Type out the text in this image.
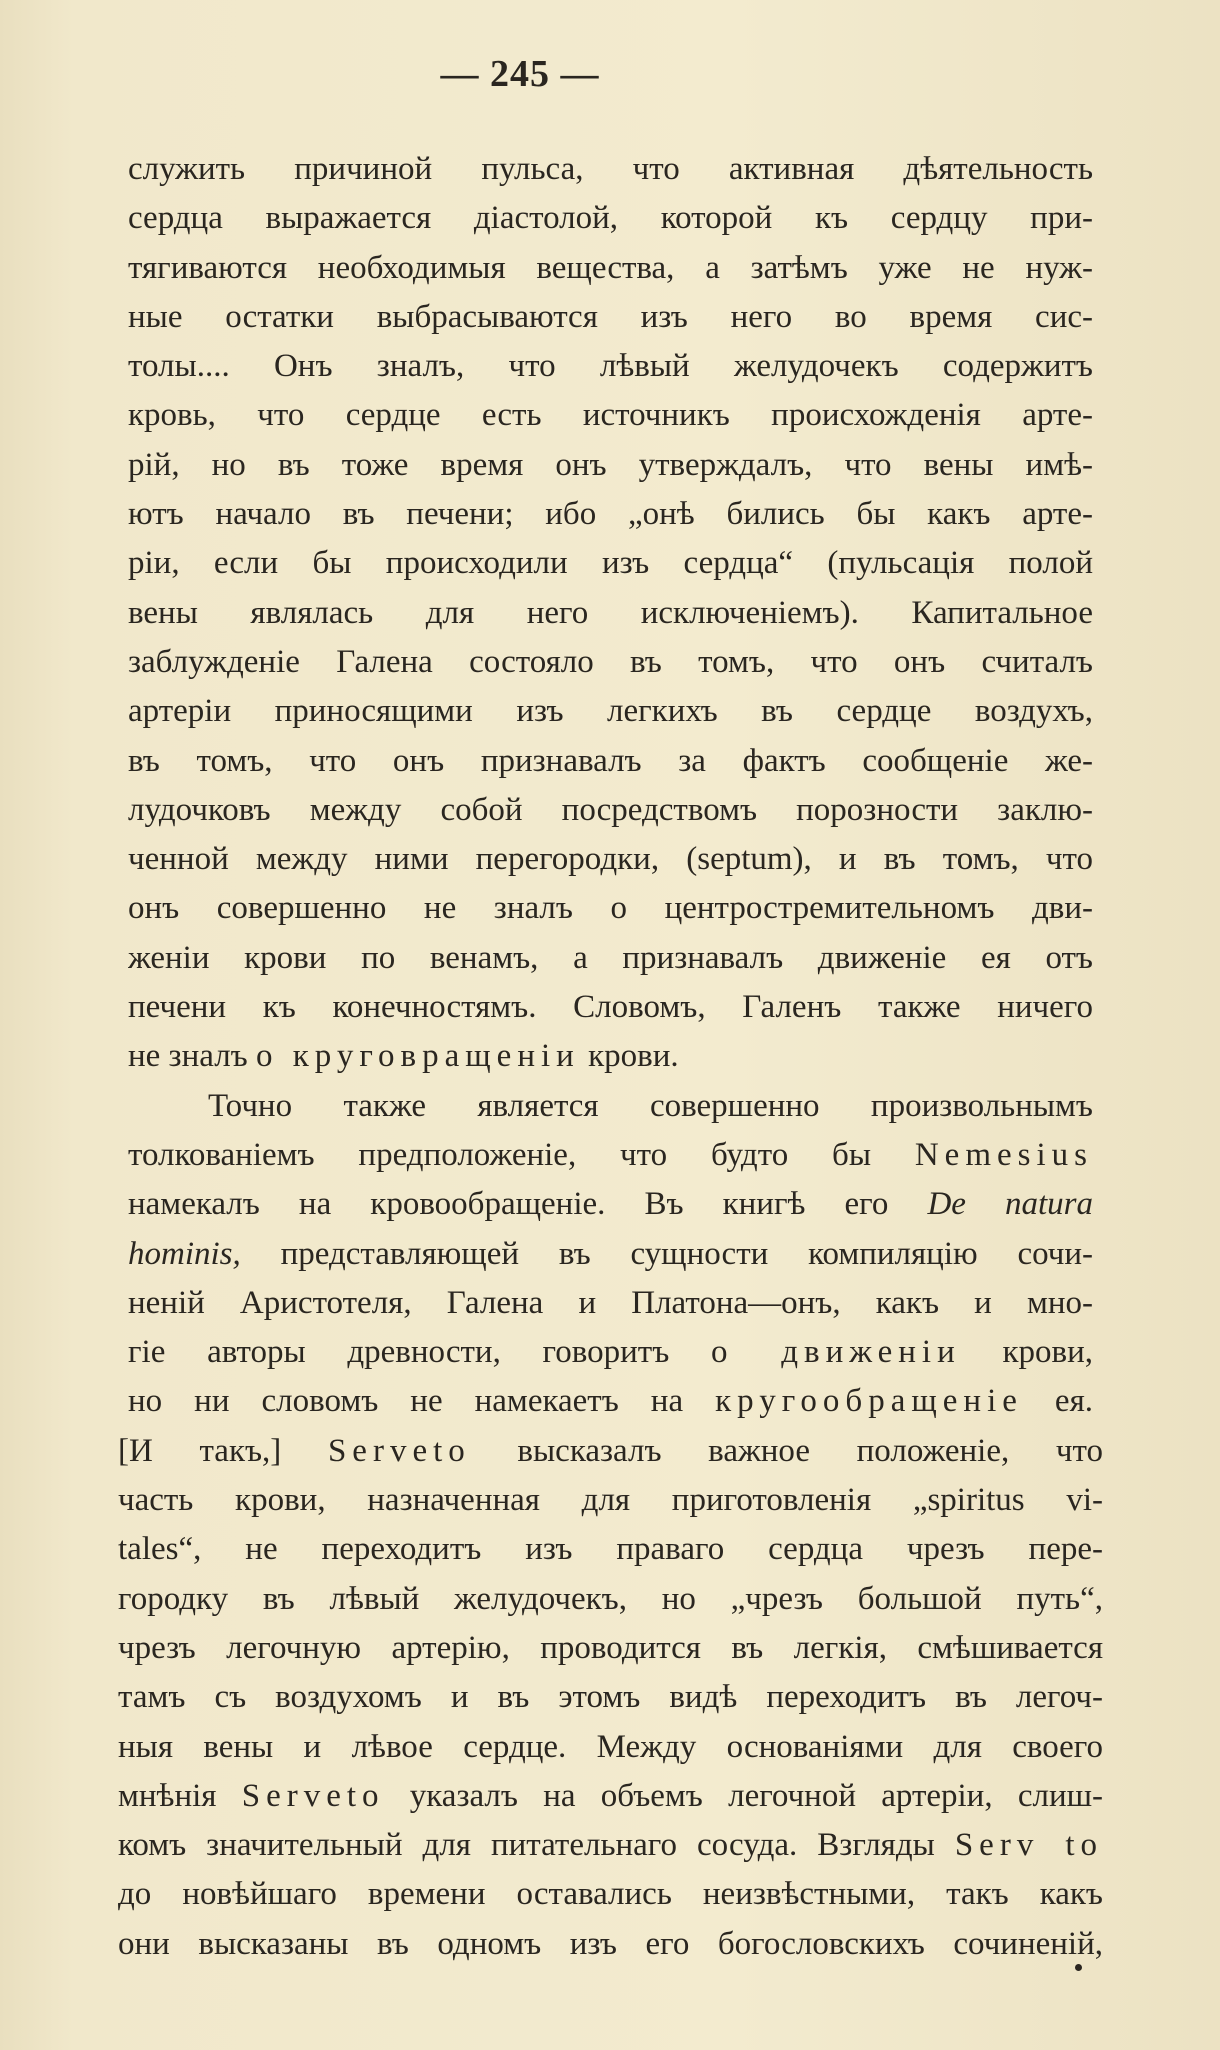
— 245 —
служить причиной пульса, что активная дѣятельность
сердца выражается діастолой, которой къ сердцу при-
тягиваются необходимыя вещества, а затѣмъ уже не нуж-
ные остатки выбрасываются изъ него во время сис-
толы.... Онъ зналъ, что лѣвый желудочекъ содержитъ
кровь, что сердце есть источникъ происхожденія арте-
рій, но въ тоже время онъ утверждалъ, что вены имѣ-
ютъ начало въ печени; ибо „онѣ бились бы какъ арте-
ріи, если бы происходили изъ сердца“ (пульсація полой
вены являлась для него исключеніемъ). Капитальное
заблужденіе Галена состояло въ томъ, что онъ считалъ
артеріи приносящими изъ легкихъ въ сердце воздухъ,
въ томъ, что онъ признавалъ за фактъ сообщеніе же-
лудочковъ между собой посредствомъ порозности заклю-
ченной между ними перегородки, (septum), и въ томъ, что
онъ совершенно не зналъ о центростремительномъ дви-
женіи крови по венамъ, а признавалъ движеніе ея отъ
печени къ конечностямъ. Словомъ, Галенъ также ничего
не зналъ о круговращеніи крови.
Точно также является совершенно произвольнымъ
толкованіемъ предположеніе, что будто бы Nemesius
намекалъ на кровообращеніе. Въ книгѣ его De natura
hominis, представляющей въ сущности компиляцію сочи-
неній Аристотеля, Галена и Платона—онъ, какъ и мно-
гіе авторы древности, говоритъ о движеніи крови,
но ни словомъ не намекаетъ на кругообращеніе ея.
[И такъ,] Serveto высказалъ важное положеніе, что
часть крови, назначенная для приготовленія „spiritus vi-
tales“, не переходитъ изъ праваго сердца чрезъ пере-
городку въ лѣвый желудочекъ, но „чрезъ большой путь“,
чрезъ легочную артерію, проводится въ легкія, смѣшивается
тамъ съ воздухомъ и въ этомъ видѣ переходитъ въ легоч-
ныя вены и лѣвое сердце. Между основаніями для своего
мнѣнія Serveto указалъ на объемъ легочной артеріи, слиш-
комъ значительный для питательнаго сосуда. Взгляды Serv to
до новѣйшаго времени оставались неизвѣстными, такъ какъ
они высказаны въ одномъ изъ его богословскихъ сочиненій,
